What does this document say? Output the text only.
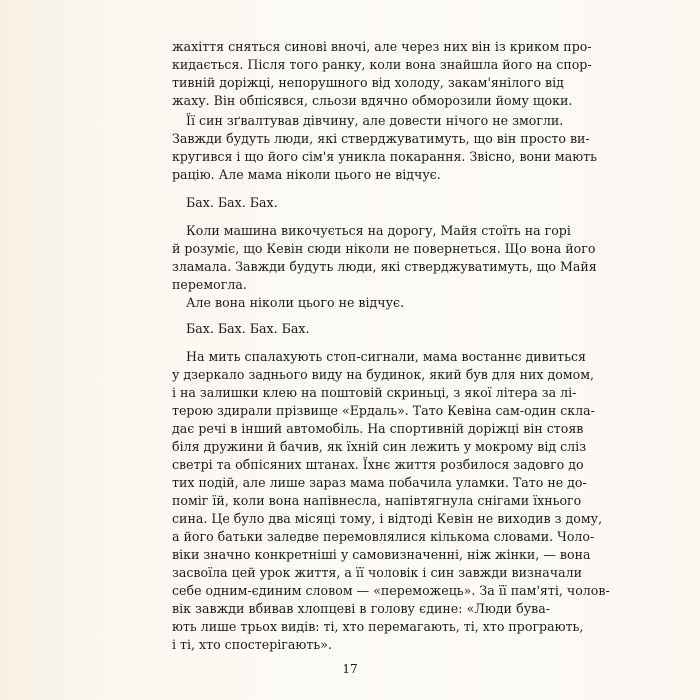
жахіття сняться синові вночі, але через них він із криком про-
кидається. Після того ранку, коли вона знайшла його на спор-
тивній доріжці, непорушного від холоду, закам'янілого від
жаху. Він обпісявся, сльози вдячно обморозили йому щоки.
Її син зґвалтував дівчину, але довести нічого не змогли.
Завжди будуть люди, які стверджуватимуть, що він просто ви-
кругився і що його сім'я уникла покарання. Звісно, вони мають
рацію. Але мама ніколи цього не відчує.
Бах. Бах. Бах.
Коли машина викочується на дорогу, Майя стоїть на горі
й розуміє, що Кевін сюди ніколи не повернеться. Що вона його
зламала. Завжди будуть люди, які стверджуватимуть, що Майя
перемогла.
Але вона ніколи цього не відчує.
Бах. Бах. Бах. Бах.
На мить спалахують стоп-сигнали, мама востаннє дивиться
у дзеркало заднього виду на будинок, який був для них домом,
і на залишки клею на поштовій скриньці, з якої літера за лі-
терою здирали прізвище «Ердаль». Тато Кевіна сам-один скла-
дає речі в інший автомобіль. На спортивній доріжці він стояв
біля дружини й бачив, як їхній син лежить у мокрому від сліз
светрі та обпісяних штанах. Їхнє життя розбилося задовго до
тих подій, але лише зараз мама побачила уламки. Тато не до-
поміг їй, коли вона напівнесла, напівтягнула снігами їхнього
сина. Це було два місяці тому, і відтоді Кевін не виходив з дому,
а його батьки заледве перемовлялися кількома словами. Чоло-
віки значно конкретніші у самовизначенні, ніж жінки, — вона
засвоїла цей урок життя, а її чоловік і син завжди визначали
себе одним-єдиним словом — «переможець». За її пам'яті, чолов-
вік завжди вбивав хлопцеві в голову єдине: «Люди бува-
ють лише трьох видів: ті, хто перемагають, ті, хто програють,
і ті, хто спостерігають».
17
